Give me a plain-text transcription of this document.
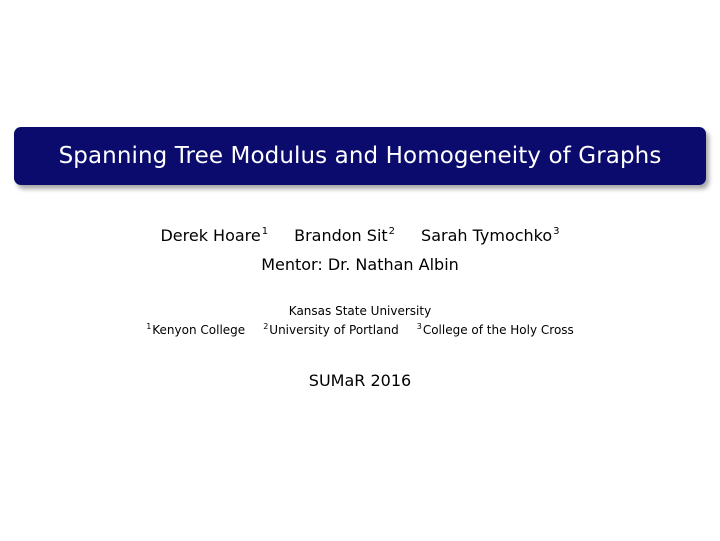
Spanning Tree Modulus and Homogeneity of Graphs
Derek Hoare$^1$ Brandon Sit$^2$ Sarah Tymochko$^3$
Mentor: Dr. Nathan Albin
Kansas State University
$^1$Kenyon College $^2$University of Portland $^3$College of the Holy Cross
SUMaR 2016
